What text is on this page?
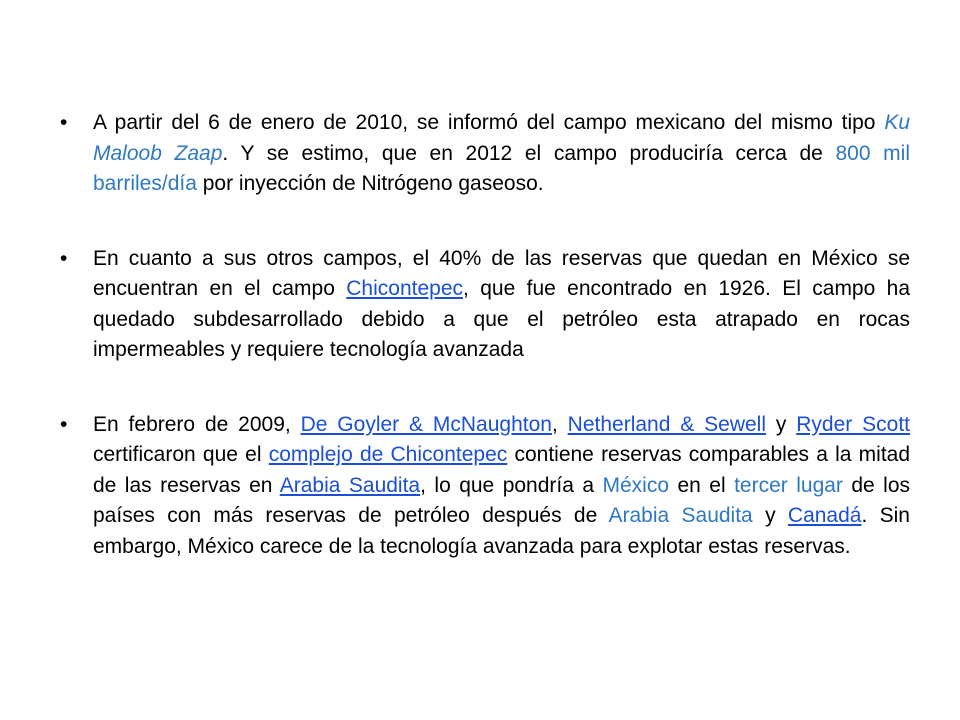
•	A partir del 6 de enero de 2010, se informó del campo mexicano del mismo tipo Ku Maloob Zaap. Y se estimo, que en 2012 el campo produciría cerca de 800 mil barriles/día por inyección de Nitrógeno gaseoso.
•	En cuanto a sus otros campos, el 40% de las reservas que quedan en México se encuentran en el campo Chicontepec, que fue encontrado en 1926. El campo ha quedado subdesarrollado debido a que el petróleo esta atrapado en rocas impermeables y requiere tecnología avanzada
•	En febrero de 2009, De Goyler & McNaughton, Netherland & Sewell y Ryder Scott certificaron que el complejo de Chicontepec contiene reservas comparables a la mitad de las reservas en Arabia Saudita, lo que pondría a México en el tercer lugar de los países con más reservas de petróleo después de Arabia Saudita y Canadá. Sin embargo, México carece de la tecnología avanzada para explotar estas reservas.
